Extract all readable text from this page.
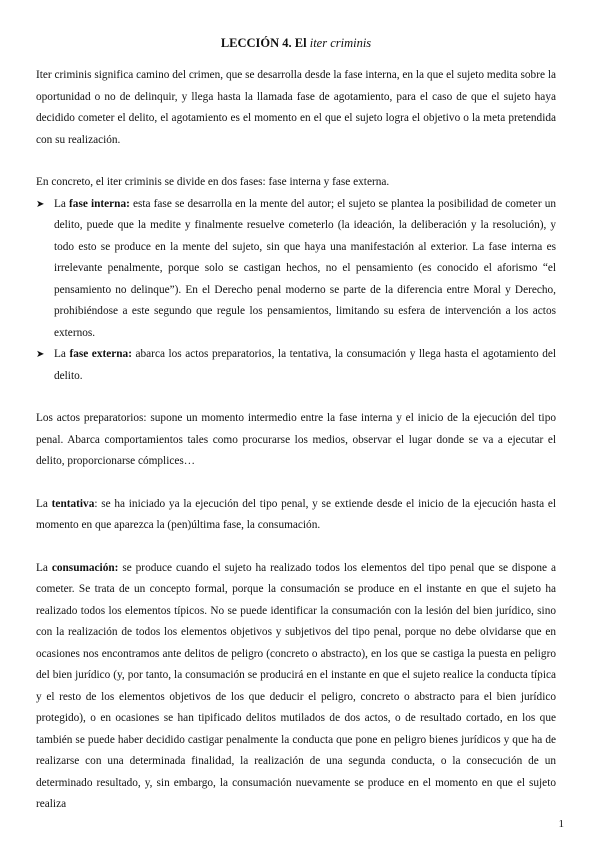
LECCIÓN 4. El iter criminis

Iter criminis significa camino del crimen, que se desarrolla desde la fase interna, en la que el sujeto medita sobre la oportunidad o no de delinquir, y llega hasta la llamada fase de agotamiento, para el caso de que el sujeto haya decidido cometer el delito, el agotamiento es el momento en el que el sujeto logra el objetivo o la meta pretendida con su realización.

En concreto, el iter criminis se divide en dos fases: fase interna y fase externa.

➤ La fase interna: esta fase se desarrolla en la mente del autor; el sujeto se plantea la posibilidad de cometer un delito, puede que la medite y finalmente resuelve cometerlo (la ideación, la deliberación y la resolución), y todo esto se produce en la mente del sujeto, sin que haya una manifestación al exterior. La fase interna es irrelevante penalmente, porque solo se castigan hechos, no el pensamiento (es conocido el aforismo “el pensamiento no delinque”). En el Derecho penal moderno se parte de la diferencia entre Moral y Derecho, prohibiéndose a este segundo que regule los pensamientos, limitando su esfera de intervención a los actos externos.
➤ La fase externa: abarca los actos preparatorios, la tentativa, la consumación y llega hasta el agotamiento del delito.

Los actos preparatorios: supone un momento intermedio entre la fase interna y el inicio de la ejecución del tipo penal. Abarca comportamientos tales como procurarse los medios, observar el lugar donde se va a ejecutar el delito, proporcionarse cómplices…

La tentativa: se ha iniciado ya la ejecución del tipo penal, y se extiende desde el inicio de la ejecución hasta el momento en que aparezca la (pen)última fase, la consumación.

La consumación: se produce cuando el sujeto ha realizado todos los elementos del tipo penal que se dispone a cometer. Se trata de un concepto formal, porque la consumación se produce en el instante en que el sujeto ha realizado todos los elementos típicos. No se puede identificar la consumación con la lesión del bien jurídico, sino con la realización de todos los elementos objetivos y subjetivos del tipo penal, porque no debe olvidarse que en ocasiones nos encontramos ante delitos de peligro (concreto o abstracto), en los que se castiga la puesta en peligro del bien jurídico (y, por tanto, la consumación se producirá en el instante en que el sujeto realice la conducta típica y el resto de los elementos objetivos de los que deducir el peligro, concreto o abstracto para el bien jurídico protegido), o en ocasiones se han tipificado delitos mutilados de dos actos, o de resultado cortado, en los que también se puede haber decidido castigar penalmente la conducta que pone en peligro bienes jurídicos y que ha de realizarse con una determinada finalidad, la realización de una segunda conducta, o la consecución de un determinado resultado, y, sin embargo, la consumación nuevamente se produce en el momento en que el sujeto realiza

1
